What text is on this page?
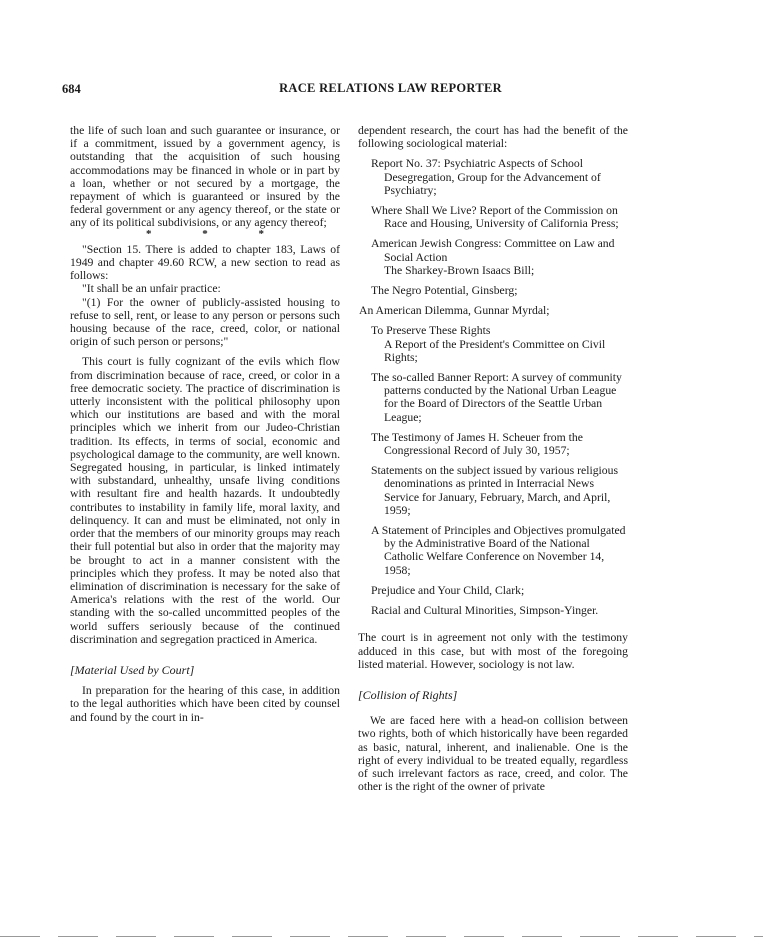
684	RACE RELATIONS LAW REPORTER

the life of such loan and such guarantee or insurance, or if a commitment, issued by a government agency, is outstanding that the acquisition of such housing accommodations may be financed in whole or in part by a loan, whether or not secured by a mortgage, the repayment of which is guaranteed or insured by the federal government or any agency thereof, or the state or any of its political subdivisions, or any agency thereof;

* * *

"Section 15. There is added to chapter 183, Laws of 1949 and chapter 49.60 RCW, a new section to read as follows:

"It shall be an unfair practice:

"(1) For the owner of publicly-assisted housing to refuse to sell, rent, or lease to any person or persons such housing because of the race, creed, color, or national origin of such person or persons;"

This court is fully cognizant of the evils which flow from discrimination because of race, creed, or color in a free democratic society. The practice of discrimination is utterly inconsistent with the political philosophy upon which our institutions are based and with the moral principles which we inherit from our Judeo-Christian tradition. Its effects, in terms of social, economic and psychological damage to the community, are well known. Segregated housing, in particular, is linked intimately with substandard, unhealthy, unsafe living conditions with resultant fire and health hazards. It undoubtedly contributes to instability in family life, moral laxity, and delinquency. It can and must be eliminated, not only in order that the members of our minority groups may reach their full potential but also in order that the majority may be brought to act in a manner consistent with the principles which they profess. It may be noted also that elimination of discrimination is necessary for the sake of America's relations with the rest of the world. Our standing with the so-called uncommitted peoples of the world suffers seriously because of the continued discrimination and segregation practiced in America.

[Material Used by Court]

In preparation for the hearing of this case, in addition to the legal authorities which have been cited by counsel and found by the court in in-

dependent research, the court has had the benefit of the following sociological material:

Report No. 37: Psychiatric Aspects of School Desegregation, Group for the Advancement of Psychiatry;

Where Shall We Live? Report of the Commission on Race and Housing, University of California Press;

American Jewish Congress: Committee on Law and Social Action

The Sharkey-Brown Isaacs Bill;

The Negro Potential, Ginsberg;

An American Dilemma, Gunnar Myrdal;

To Preserve These Rights

A Report of the President's Committee on Civil Rights;

The so-called Banner Report: A survey of community patterns conducted by the National Urban League for the Board of Directors of the Seattle Urban League;

The Testimony of James H. Scheuer from the Congressional Record of July 30, 1957;

Statements on the subject issued by various religious denominations as printed in Interracial News Service for January, February, March, and April, 1959;

A Statement of Principles and Objectives promulgated by the Administrative Board of the National Catholic Welfare Conference on November 14, 1958;

Prejudice and Your Child, Clark;

Racial and Cultural Minorities, Simpson-Yinger.

The court is in agreement not only with the testimony adduced in this case, but with most of the foregoing listed material. However, sociology is not law.

[Collision of Rights]

We are faced here with a head-on collision between two rights, both of which historically have been regarded as basic, natural, inherent, and inalienable. One is the right of every individual to be treated equally, regardless of such irrelevant factors as race, creed, and color. The other is the right of the owner of private
